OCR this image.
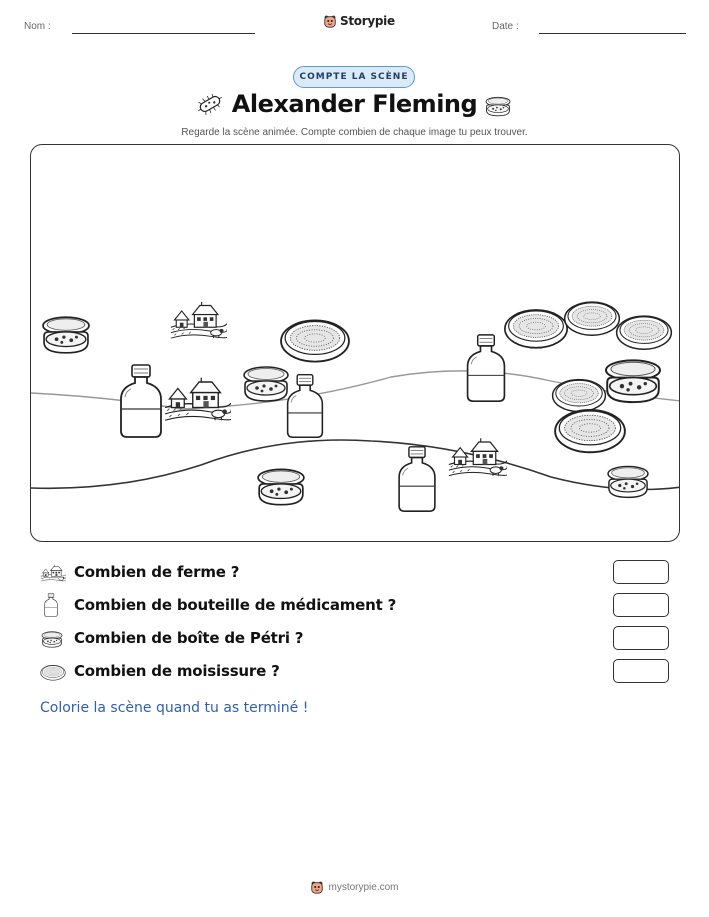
Nom :	Storypie	Date :
COMPTE LA SCÈNE
Alexander Fleming

Regarde la scène animée. Compte combien de chaque image tu peux trouver.

Combien de ferme ?
Combien de bouteille de médicament ?
Combien de boîte de Pétri ?
Combien de moisissure ?

Colorie la scène quand tu as terminé !

mystorypie.com
